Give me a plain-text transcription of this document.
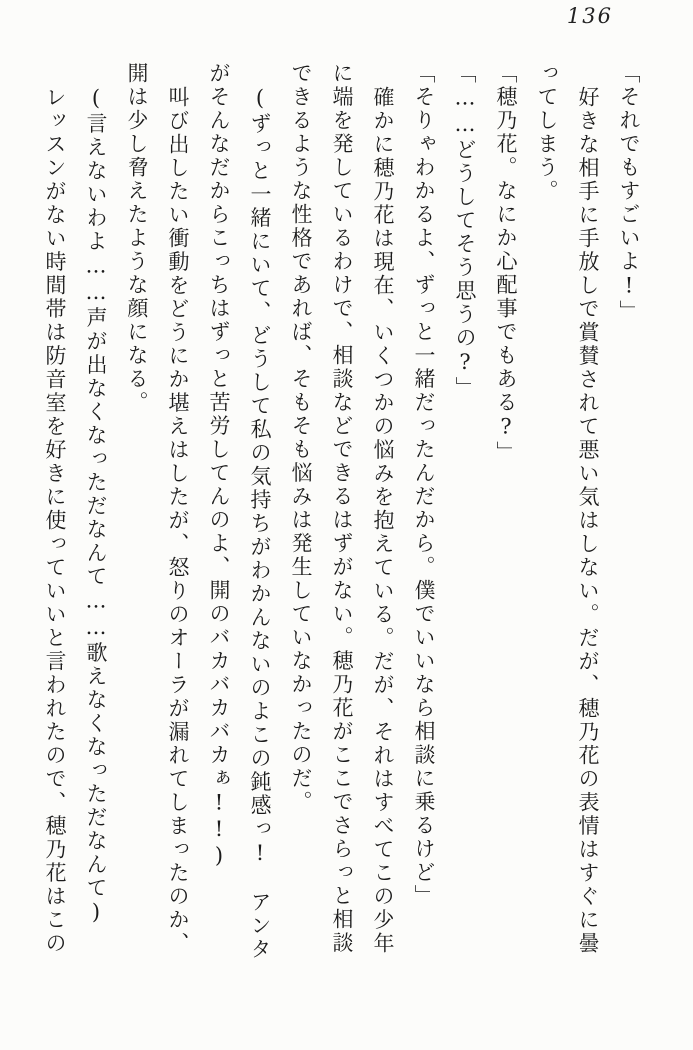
136

「それでもすごいよ!」

好きな相手に手放しで賞賛されて悪い気はしない。だが、穂乃花の表情はすぐに曇ってしまう。

「穂乃花。なにか心配事でもある?」

「……どうしてそう思うの?」

「そりゃわかるよ、ずっと一緒だったんだから。僕でいいなら相談に乗るけど」

確かに穂乃花は現在、いくつかの悩みを抱えている。だが、それはすべてこの少年に端を発しているわけで、相談などできるはずがない。穂乃花がここでさらっと相談できるような性格であれば、そもそも悩みは発生していなかったのだ。

(ずっと一緒にいて、どうして私の気持ちがわかんないのよこの鈍感っ!　アンタがそんなだからこっちはずっと苦労してんのよ、開のバカバカバカぁ!!)

叫び出したい衝動をどうにか堪えはしたが、怒りのオーラが漏れてしまったのか、開は少し脅えたような顔になる。

(言えないわよ……声が出なくなっただなんて……歌えなくなっただなんて)

レッスンがない時間帯は防音室を好きに使っていいと言われたので、穂乃花はこの
